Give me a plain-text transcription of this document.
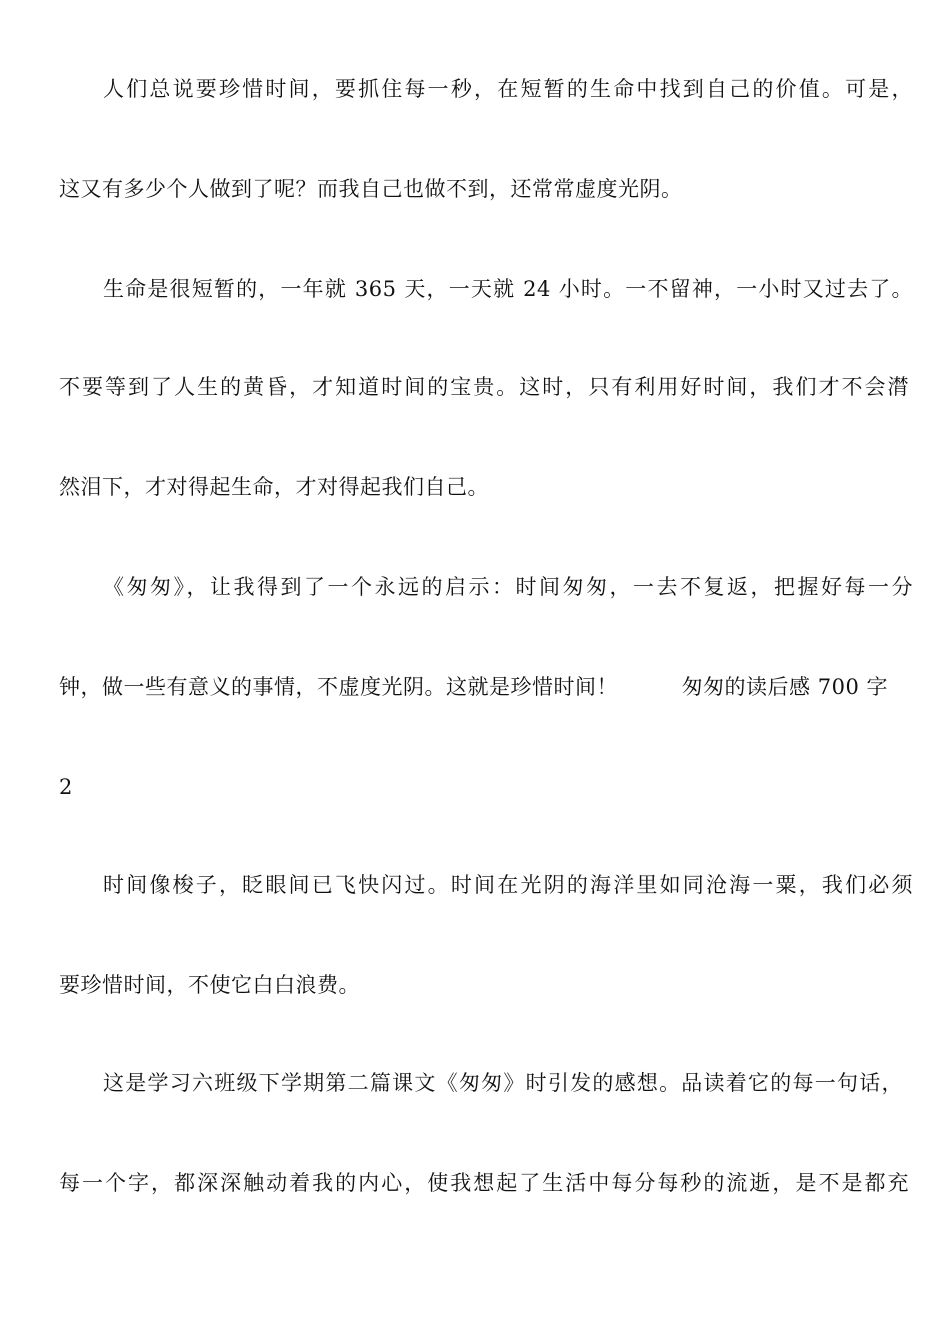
人们总说要珍惜时间，要抓住每一秒，在短暂的生命中找到自己的价值。可是，
这又有多少个人做到了呢？而我自己也做不到，还常常虚度光阴。
生命是很短暂的，一年就 365 天，一天就 24 小时。一不留神，一小时又过去了。
不要等到了人生的黄昏，才知道时间的宝贵。这时，只有利用好时间，我们才不会潸
然泪下，才对得起生命，才对得起我们自己。
《匆匆》，让我得到了一个永远的启示：时间匆匆，一去不复返，把握好每一分
钟，做一些有意义的事情，不虚度光阴。这就是珍惜时间！	匆匆的读后感 700 字
2
时间像梭子，眨眼间已飞快闪过。时间在光阴的海洋里如同沧海一粟，我们必须
要珍惜时间，不使它白白浪费。
这是学习六班级下学期第二篇课文《匆匆》时引发的感想。品读着它的每一句话，
每一个字，都深深触动着我的内心，使我想起了生活中每分每秒的流逝，是不是都充
